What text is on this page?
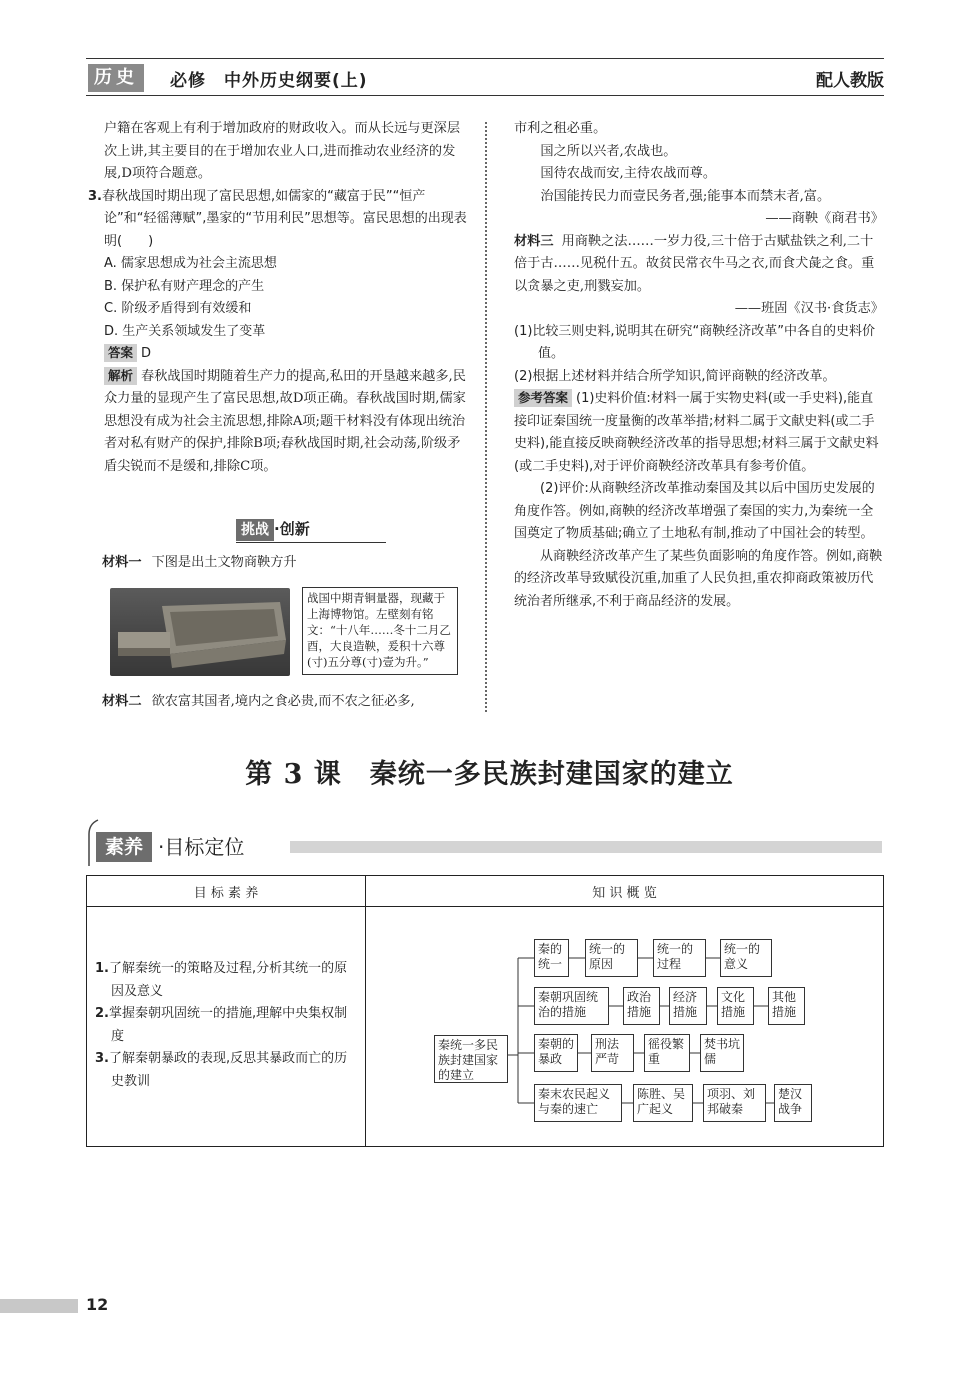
历史	必修　中外历史纲要(上)	配人教版

户籍在客观上有利于增加政府的财政收入。而从长远与更深层次上讲,其主要目的在于增加农业人口,进而推动农业经济的发展,D项符合题意。

3.春秋战国时期出现了富民思想,如儒家的“藏富于民”“恒产论”和“轻徭薄赋”,墨家的“节用利民”思想等。富民思想的出现表明(　　)

A. 儒家思想成为社会主流思想

B. 保护私有财产理念的产生

C. 阶级矛盾得到有效缓和

D. 生产关系领域发生了变革

答案 D

解析 春秋战国时期随着生产力的提高,私田的开垦越来越多,民众力量的显现产生了富民思想,故D项正确。春秋战国时期,儒家思想没有成为社会主流思想,排除A项;题干材料没有体现出统治者对私有财产的保护,排除B项;春秋战国时期,社会动荡,阶级矛盾尖锐而不是缓和,排除C项。

挑战 ·创新
材料一 下图是出土文物商鞅方升
战国中期青铜量器，现藏于上海博物馆。左壁刻有铭文：“十八年……冬十二月乙酉，大良造鞅，爰积十六尊(寸)五分尊(寸)壹为升。”
材料二 欲农富其国者,境内之食必贵,而不农之征必多,

市利之租必重。

国之所以兴者,农战也。

国待农战而安,主待农战而尊。

治国能抟民力而壹民务者,强;能事本而禁末者,富。

——商鞅《商君书》

材料三 用商鞅之法……一岁力役,三十倍于古赋盐铁之利,二十倍于古……见税什五。故贫民常衣牛马之衣,而食犬彘之食。重以贪暴之吏,刑戮妄加。

——班固《汉书·食货志》

(1)比较三则史料,说明其在研究“商鞅经济改革”中各自的史料价值。

(2)根据上述材料并结合所学知识,简评商鞅的经济改革。

参考答案 (1)史料价值:材料一属于实物史料(或一手史料),能直接印证秦国统一度量衡的改革举措;材料二属于文献史料(或二手史料),能直接反映商鞅经济改革的指导思想;材料三属于文献史料(或二手史料),对于评价商鞅经济改革具有参考价值。

(2)评价:从商鞅经济改革推动秦国及其以后中国历史发展的角度作答。例如,商鞅的经济改革增强了秦国的实力,为秦统一全国奠定了物质基础;确立了土地私有制,推动了中国社会的转型。

从商鞅经济改革产生了某些负面影响的角度作答。例如,商鞅的经济改革导致赋役沉重,加重了人民负担,重农抑商政策被历代统治者所继承,不利于商品经济的发展。

第 3 课　秦统一多民族封建国家的建立
素养 ·目标定位
目 标 素 养	知 识 概 览
1.了解秦统一的策略及过程,分析其统一的原因及意义
2.掌握秦朝巩固统一的措施,理解中央集权制度
3.了解秦朝暴政的表现,反思其暴政而亡的历史教训
秦统一多民族封建国家的建立
秦的统一
统一的原因
统一的过程
统一的意义
秦朝巩固统治的措施
政治措施
经济措施
文化措施
其他措施
秦朝的暴政
刑法严苛
徭役繁重
焚书坑儒
秦末农民起义与秦的速亡
陈胜、吴广起义
项羽、刘邦破秦
楚汉战争
12
